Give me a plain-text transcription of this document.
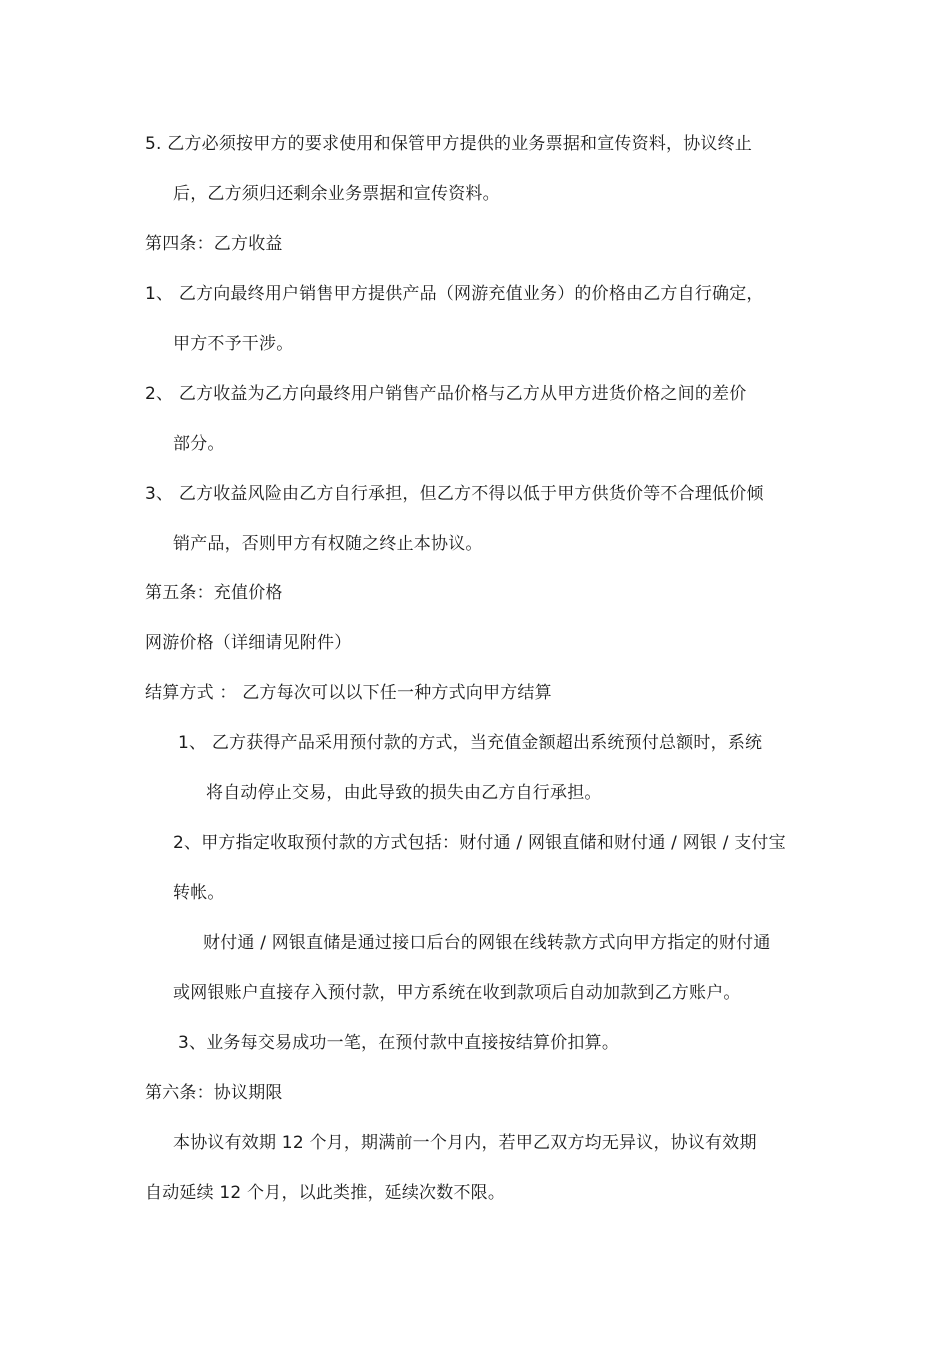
5. 乙方必须按甲方的要求使用和保管甲方提供的业务票据和宣传资料，协议终止
后，乙方须归还剩余业务票据和宣传资料。
第四条：乙方收益
1、 乙方向最终用户销售甲方提供产品（网游充值业务）的价格由乙方自行确定，
甲方不予干涉。
2、 乙方收益为乙方向最终用户销售产品价格与乙方从甲方进货价格之间的差价
部分。
3、 乙方收益风险由乙方自行承担，但乙方不得以低于甲方供货价等不合理低价倾
销产品，否则甲方有权随之终止本协议。
第五条：充值价格
网游价格（详细请见附件）
结算方式 ： 乙方每次可以以下任一种方式向甲方结算
1、 乙方获得产品采用预付款的方式，当充值金额超出系统预付总额时，系统
将自动停止交易，由此导致的损失由乙方自行承担。
2、甲方指定收取预付款的方式包括：财付通 / 网银直储和财付通 / 网银 / 支付宝
转帐。
财付通 / 网银直储是通过接口后台的网银在线转款方式向甲方指定的财付通
或网银账户直接存入预付款，甲方系统在收到款项后自动加款到乙方账户。
3、业务每交易成功一笔，在预付款中直接按结算价扣算。
第六条：协议期限
本协议有效期 12 个月，期满前一个月内，若甲乙双方均无异议，协议有效期
自动延续 12 个月，以此类推，延续次数不限。
